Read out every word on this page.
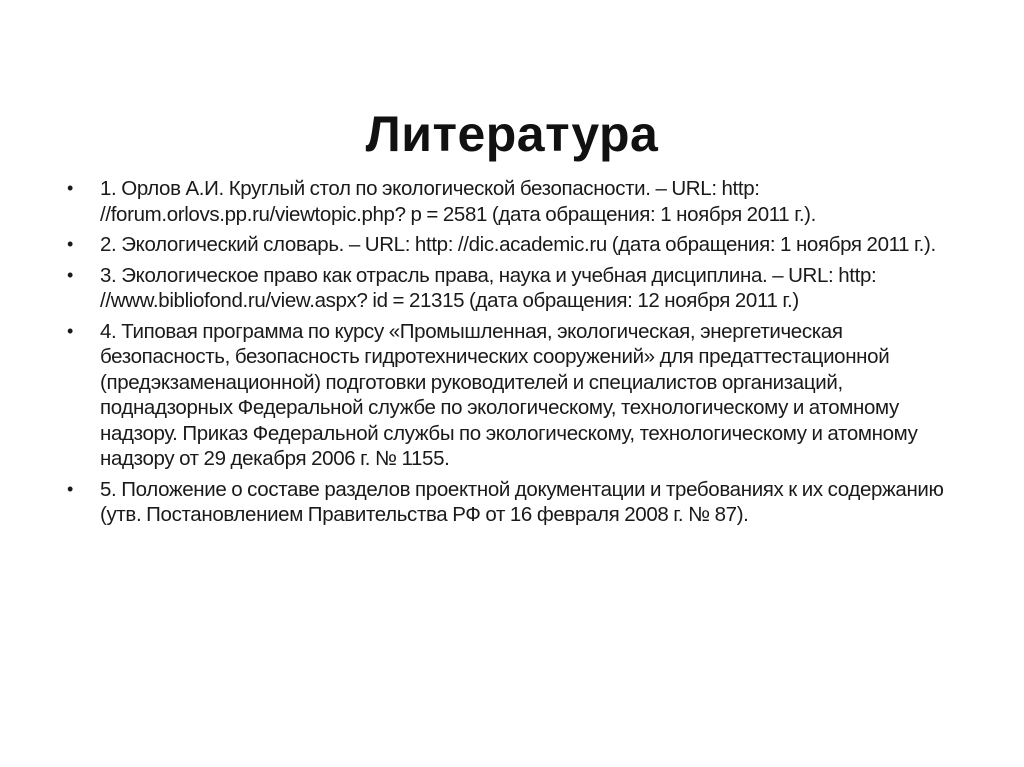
Литература
•	1. Орлов А.И. Круглый стол по экологической безопасности. – URL: http: //forum.orlovs.pp.ru/viewtopic.php? p = 2581 (дата обращения: 1 ноября 2011 г.).
•	2. Экологический словарь. – URL: http: //dic.academic.ru (дата обращения: 1 ноября 2011 г.).
•	3. Экологическое право как отрасль права, наука и учебная дисциплина. – URL: http: //www.bibliofond.ru/view.aspx? id = 21315 (дата обращения: 12 ноября 2011 г.)
•	4. Типовая программа по курсу «Промышленная, экологическая, энергетическая безопасность, безопасность гидротехнических сооружений» для предаттестационной (предэкзаменационной) подготовки руководителей и специалистов организаций, поднадзорных Федеральной службе по экологическому, технологическому и атомному надзору. Приказ Федеральной службы по экологическому, технологическому и атомному надзору от 29 декабря 2006 г. № 1155.
•	5. Положение о составе разделов проектной документации и требованиях к их содержанию (утв. Постановлением Правительства РФ от 16 февраля 2008 г. № 87).
